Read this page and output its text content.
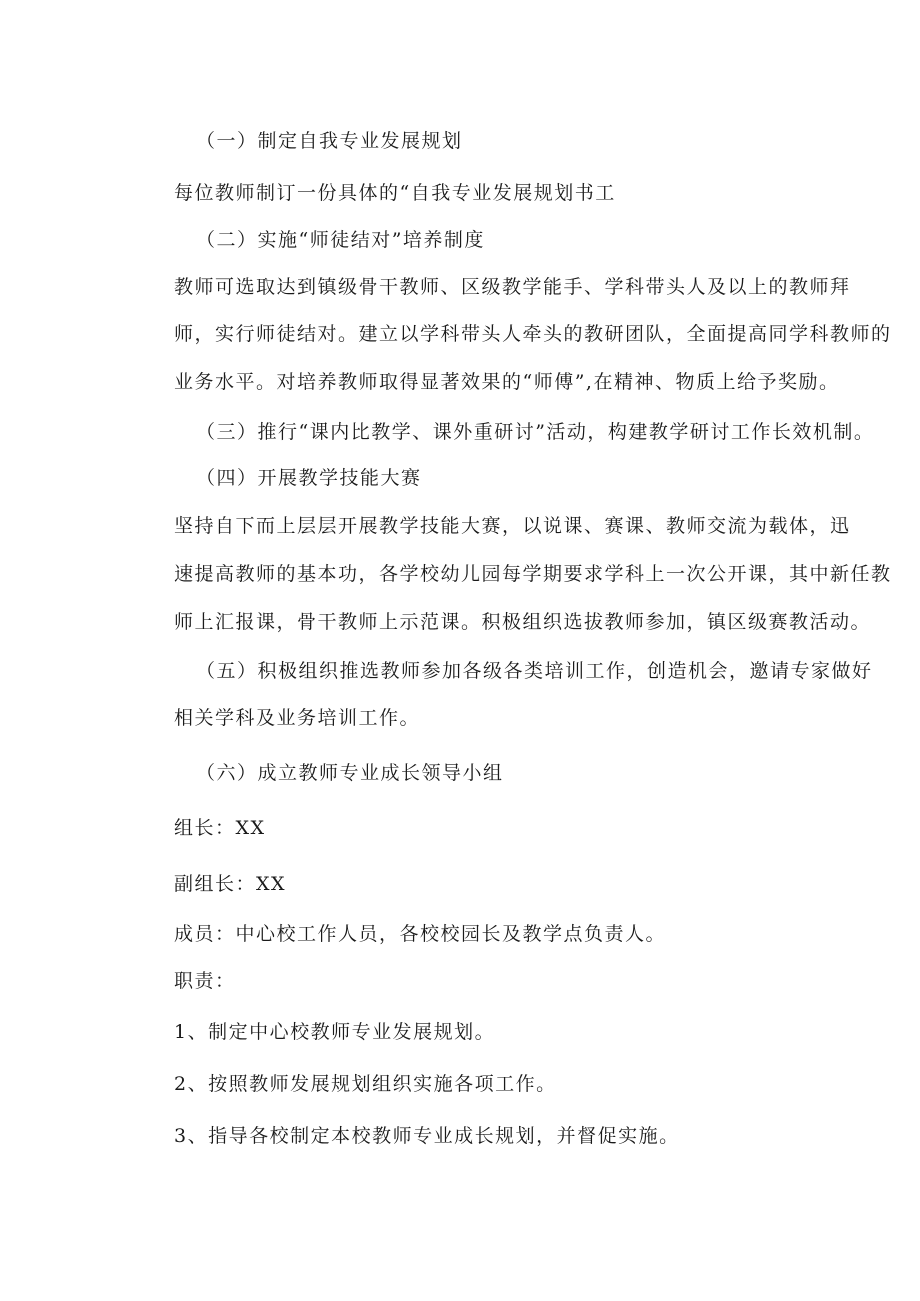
（一）制定自我专业发展规划
每位教师制订一份具体的“自我专业发展规划书工
（二）实施“师徒结对”培养制度
教师可选取达到镇级骨干教师、区级教学能手、学科带头人及以上的教师拜
师，实行师徒结对。建立以学科带头人牵头的教研团队，全面提高同学科教师的
业务水平。对培养教师取得显著效果的“师傅”,在精神、物质上给予奖励。
（三）推行“课内比教学、课外重研讨”活动，构建教学研讨工作长效机制。
（四）开展教学技能大赛
坚持自下而上层层开展教学技能大赛，以说课、赛课、教师交流为载体，迅
速提高教师的基本功，各学校幼儿园每学期要求学科上一次公开课，其中新任教
师上汇报课，骨干教师上示范课。积极组织选拔教师参加，镇区级赛教活动。
（五）积极组织推选教师参加各级各类培训工作，创造机会，邀请专家做好
相关学科及业务培训工作。
（六）成立教师专业成长领导小组
组长：XX
副组长：XX
成员：中心校工作人员，各校校园长及教学点负责人。
职责：
1、制定中心校教师专业发展规划。
2、按照教师发展规划组织实施各项工作。
3、指导各校制定本校教师专业成长规划，并督促实施。
